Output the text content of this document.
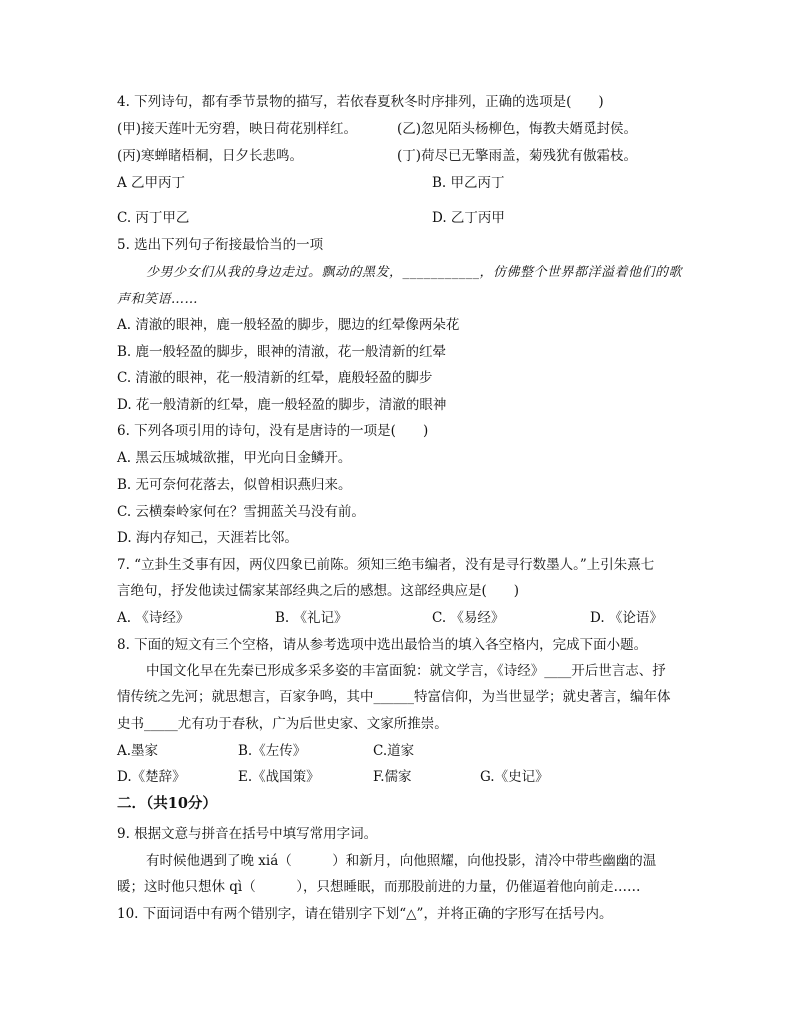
4. 下列诗句，都有季节景物的描写，若依春夏秋冬时序排列，正确的选项是(　　)
(甲)接天莲叶无穷碧，映日荷花别样红。	(乙)忽见陌头杨柳色，悔教夫婿觅封侯。
(丙)寒蝉睹梧桐，日夕长悲鸣。	(丁)荷尽已无擎雨盖，菊残犹有傲霜枝。
A 乙甲丙丁	B. 甲乙丙丁
C. 丙丁甲乙	D. 乙丁丙甲
5. 选出下列句子衔接最恰当的一项
少男少女们从我的身边走过。飘动的黑发，___________，仿佛整个世界都洋溢着他们的歌
声和笑语……
A. 清澈的眼神，鹿一般轻盈的脚步，腮边的红晕像两朵花
B. 鹿一般轻盈的脚步，眼神的清澈，花一般清新的红晕
C. 清澈的眼神，花一般清新的红晕，鹿般轻盈的脚步
D. 花一般清新的红晕，鹿一般轻盈的脚步，清澈的眼神
6. 下列各项引用的诗句，没有是唐诗的一项是(　　)
A. 黑云压城城欲摧，甲光向日金鳞开。
B. 无可奈何花落去，似曾相识燕归来。
C. 云横秦岭家何在？雪拥蓝关马没有前。
D. 海内存知己，天涯若比邻。
7. “立卦生爻事有因，两仪四象已前陈。须知三绝韦编者，没有是寻行数墨人。”上引朱熹七
言绝句，抒发他读过儒家某部经典之后的感想。这部经典应是(　　)
A. 《诗经》	B. 《礼记》	C. 《易经》	D. 《论语》
8. 下面的短文有三个空格，请从参考选项中选出最恰当的填入各空格内，完成下面小题。
中国文化早在先秦已形成多采多姿的丰富面貌：就文学言，《诗经》____开后世言志、抒
情传统之先河；就思想言，百家争鸣，其中______特富信仰，为当世显学；就史著言，编年体
史书_____尤有功于春秋，广为后世史家、文家所推崇。
A.墨家	B.《左传》	C.道家
D.《楚辞》	E.《战国策》	F.儒家	G.《史记》
二．（共10分）
9. 根据文意与拼音在括号中填写常用字词。
有时候他遇到了晚 xiá（　　　）和新月，向他照耀，向他投影，清冷中带些幽幽的温
暖；这时他只想休 qì（　　　），只想睡眠，而那股前进的力量，仍催逼着他向前走……
10. 下面词语中有两个错别字，请在错别字下划“△”，并将正确的字形写在括号内。
